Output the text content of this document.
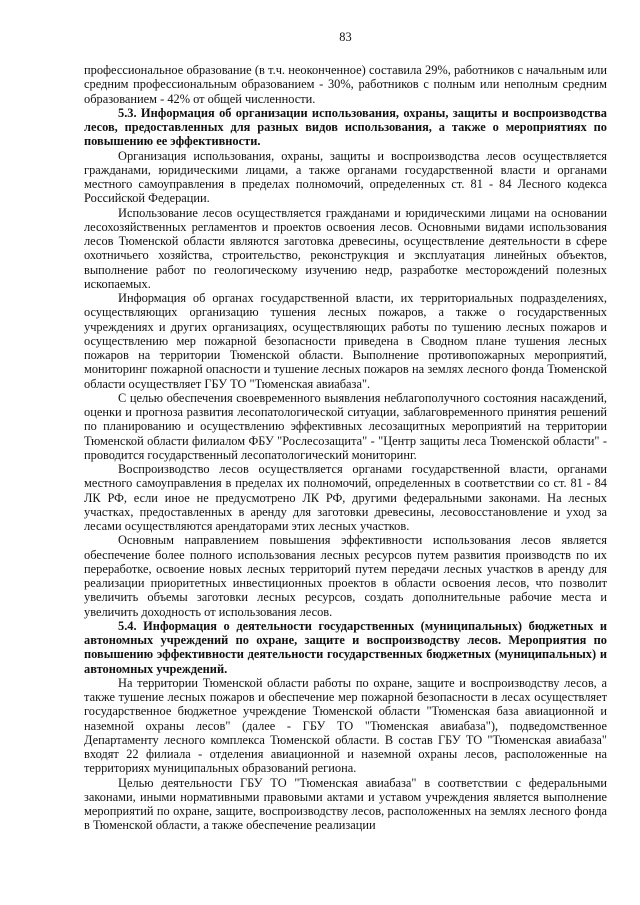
83

профессиональное образование (в т.ч. неоконченное) составила 29%, работников с начальным или средним профессиональным образованием - 30%, работников с полным или неполным средним образованием - 42% от общей численности.

5.3. Информация об организации использования, охраны, защиты и воспроизводства лесов, предоставленных для разных видов использования, а также о мероприятиях по повышению ее эффективности.

Организация использования, охраны, защиты и воспроизводства лесов осуществляется гражданами, юридическими лицами, а также органами государственной власти и органами местного самоуправления в пределах полномочий, определенных ст. 81 - 84 Лесного кодекса Российской Федерации.

Использование лесов осуществляется гражданами и юридическими лицами на основании лесохозяйственных регламентов и проектов освоения лесов. Основными видами использования лесов Тюменской области являются заготовка древесины, осуществление деятельности в сфере охотничьего хозяйства, строительство, реконструкция и эксплуатация линейных объектов, выполнение работ по геологическому изучению недр, разработке месторождений полезных ископаемых.

Информация об органах государственной власти, их территориальных подразделениях, осуществляющих организацию тушения лесных пожаров, а также о государственных учреждениях и других организациях, осуществляющих работы по тушению лесных пожаров и осуществлению мер пожарной безопасности приведена в Сводном плане тушения лесных пожаров на территории Тюменской области. Выполнение противопожарных мероприятий, мониторинг пожарной опасности и тушение лесных пожаров на землях лесного фонда Тюменской области осуществляет ГБУ ТО "Тюменская авиабаза".

С целью обеспечения своевременного выявления неблагополучного состояния насаждений, оценки и прогноза развития лесопатологической ситуации, заблаговременного принятия решений по планированию и осуществлению эффективных лесозащитных мероприятий на территории Тюменской области филиалом ФБУ "Рослесозащита" - "Центр защиты леса Тюменской области" - проводится государственный лесопатологический мониторинг.

Воспроизводство лесов осуществляется органами государственной власти, органами местного самоуправления в пределах их полномочий, определенных в соответствии со ст. 81 - 84 ЛК РФ, если иное не предусмотрено ЛК РФ, другими федеральными законами. На лесных участках, предоставленных в аренду для заготовки древесины, лесовосстановление и уход за лесами осуществляются арендаторами этих лесных участков.

Основным направлением повышения эффективности использования лесов является обеспечение более полного использования лесных ресурсов путем развития производств по их переработке, освоение новых лесных территорий путем передачи лесных участков в аренду для реализации приоритетных инвестиционных проектов в области освоения лесов, что позволит увеличить объемы заготовки лесных ресурсов, создать дополнительные рабочие места и увеличить доходность от использования лесов.

5.4. Информация о деятельности государственных (муниципальных) бюджетных и автономных учреждений по охране, защите и воспроизводству лесов. Мероприятия по повышению эффективности деятельности государственных бюджетных (муниципальных) и автономных учреждений.

На территории Тюменской области работы по охране, защите и воспроизводству лесов, а также тушение лесных пожаров и обеспечение мер пожарной безопасности в лесах осуществляет государственное бюджетное учреждение Тюменской области "Тюменская база авиационной и наземной охраны лесов" (далее - ГБУ ТО "Тюменская авиабаза"), подведомственное Департаменту лесного комплекса Тюменской области. В состав ГБУ ТО "Тюменская авиабаза" входят 22 филиала - отделения авиационной и наземной охраны лесов, расположенные на территориях муниципальных образований региона.

Целью деятельности ГБУ ТО "Тюменская авиабаза" в соответствии с федеральными законами, иными нормативными правовыми актами и уставом учреждения является выполнение мероприятий по охране, защите, воспроизводству лесов, расположенных на землях лесного фонда в Тюменской области, а также обеспечение реализации
